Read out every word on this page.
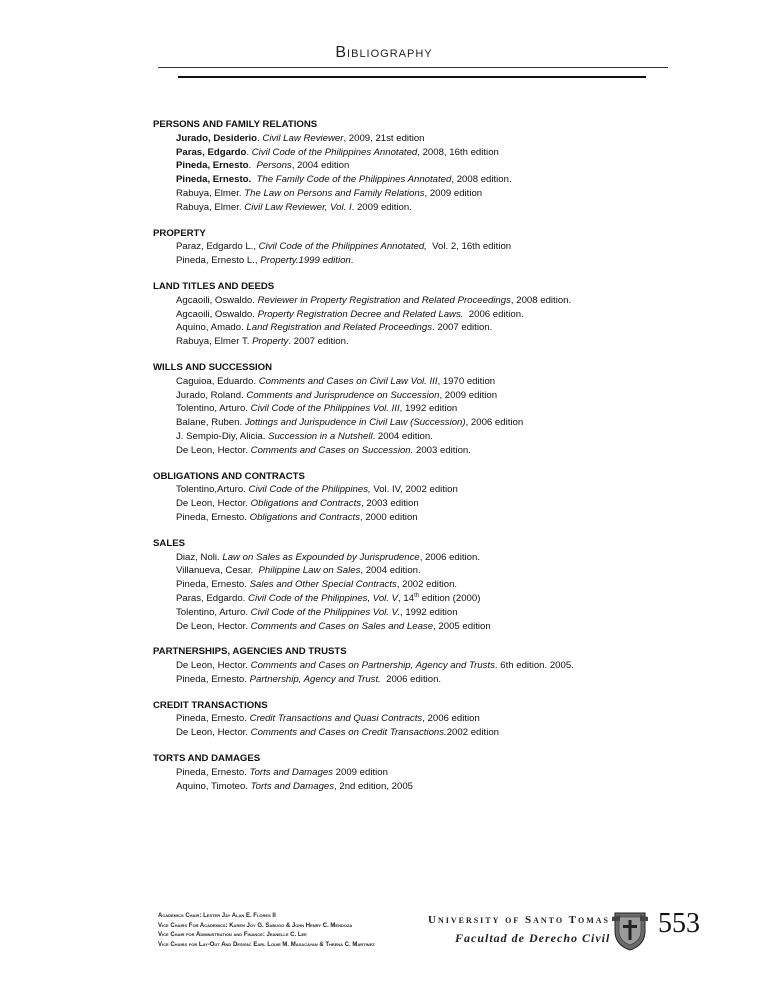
Bibliography
PERSONS AND FAMILY RELATIONS
Jurado, Desiderio. Civil Law Reviewer, 2009, 21st edition
Paras, Edgardo. Civil Code of the Philippines Annotated, 2008, 16th edition
Pineda, Ernesto.  Persons, 2004 edition
Pineda, Ernesto. The Family Code of the Philippines Annotated, 2008 edition.
Rabuya, Elmer. The Law on Persons and Family Relations, 2009 edition
Rabuya, Elmer. Civil Law Reviewer, Vol. I. 2009 edition.
PROPERTY
Paraz, Edgardo L., Civil Code of the Philippines Annotated,  Vol. 2, 16th edition
Pineda, Ernesto L., Property.1999 edition.
LAND TITLES AND DEEDS
Agcaoili, Oswaldo. Reviewer in Property Registration and Related Proceedings, 2008 edition.
Agcaoili, Oswaldo. Property Registration Decree and Related Laws.  2006 edition.
Aquino, Amado. Land Registration and Related Proceedings. 2007 edition.
Rabuya, Elmer T. Property. 2007 edition.
WILLS AND SUCCESSION
Caguioa, Eduardo. Comments and Cases on Civil Law Vol. III, 1970 edition
Jurado, Roland. Comments and Jurisprudence on Succession, 2009 edition
Tolentino, Arturo. Civil Code of the Philippines Vol. III, 1992 edition
Balane, Ruben. Jottings and Jurispudence in Civil Law (Succession), 2006 edition
J. Sempio-Diy, Alicia. Succession in a Nutshell. 2004 edition.
De Leon, Hector. Comments and Cases on Succession. 2003 edition.
OBLIGATIONS AND CONTRACTS
Tolentino,Arturo. Civil Code of the Philippines, Vol. IV, 2002 edition
De Leon, Hector. Obligations and Contracts, 2003 edition
Pineda, Ernesto. Obligations and Contracts, 2000 edition
SALES
Diaz, Noli. Law on Sales as Expounded by Jurisprudence, 2006 edition.
Villanueva, Cesar. Philippine Law on Sales, 2004 edition.
Pineda, Ernesto. Sales and Other Special Contracts, 2002 edition.
Paras, Edgardo. Civil Code of the Philippines, Vol. V, 14th edition (2000)
Tolentino, Arturo. Civil Code of the Philippines Vol. V., 1992 edition
De Leon, Hector. Comments and Cases on Sales and Lease, 2005 edition
PARTNERSHIPS, AGENCIES AND TRUSTS
De Leon, Hector. Comments and Cases on Partnership, Agency and Trusts. 6th edition. 2005.
Pineda, Ernesto. Partnership, Agency and Trust.  2006 edition.
CREDIT TRANSACTIONS
Pineda, Ernesto. Credit Transactions and Quasi Contracts, 2006 edition
De Leon, Hector. Comments and Cases on Credit Transactions.2002 edition
TORTS AND DAMAGES
Pineda, Ernesto. Torts and Damages 2009 edition
Aquino, Timoteo. Torts and Damages, 2nd edition, 2005
Academics Chair: Lester Jay Alan E. Flores II
Vice Chairs For Academics: Karen Joy G. Sabugo & John Henry C. Mendoza
Vice Chair for Administration and Finance: Jeanelle C. Lee
Vice Chairs for Lay-Out And Design: Earl Louie M. Masacayan & Theena C. Martinez
University of Santo Tomas
Facultad de Derecho Civil 553
